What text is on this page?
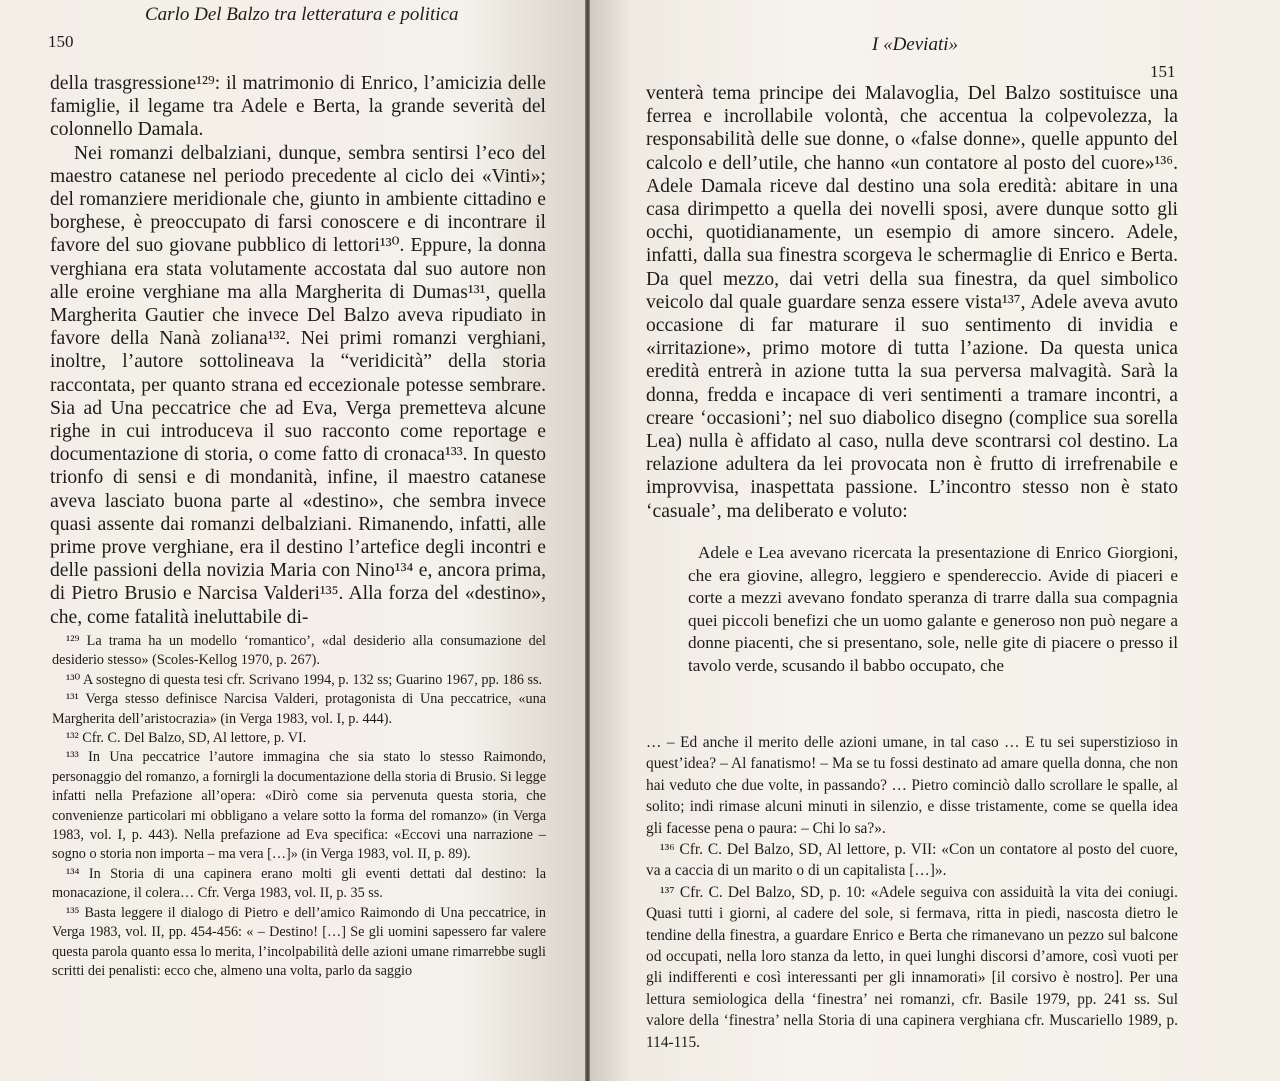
Carlo Del Balzo tra letteratura e politica
150

della trasgressione¹²⁹: il matrimonio di Enrico, l’amicizia delle famiglie, il legame tra Adele e Berta, la grande severità del colonnello Damala.

Nei romanzi delbalziani, dunque, sembra sentirsi l’eco del maestro catanese nel periodo precedente al ciclo dei «Vinti»; del romanziere meridionale che, giunto in ambiente cittadino e borghese, è preoccupato di farsi conoscere e di incontrare il favore del suo giovane pubblico di lettori¹³⁰. Eppure, la donna verghiana era stata volutamente accostata dal suo autore non alle eroine verghiane ma alla Margherita di Dumas¹³¹, quella Margherita Gautier che invece Del Balzo aveva ripudiato in favore della Nanà zoliana¹³². Nei primi romanzi verghiani, inoltre, l’autore sottolineava la “veridicità” della storia raccontata, per quanto strana ed eccezionale potesse sembrare. Sia ad Una peccatrice che ad Eva, Verga premetteva alcune righe in cui introduceva il suo racconto come reportage e documentazione di storia, o come fatto di cronaca¹³³. In questo trionfo di sensi e di mondanità, infine, il maestro catanese aveva lasciato buona parte al «destino», che sembra invece quasi assente dai romanzi delbalziani. Rimanendo, infatti, alle prime prove verghiane, era il destino l’artefice degli incontri e delle passioni della novizia Maria con Nino¹³⁴ e, ancora prima, di Pietro Brusio e Narcisa Valderi¹³⁵. Alla forza del «destino», che, come fatalità ineluttabile di-

¹²⁹ La trama ha un modello ‘romantico’, «dal desiderio alla consumazione del desiderio stesso» (Scoles-Kellog 1970, p. 267).

¹³⁰ A sostegno di questa tesi cfr. Scrivano 1994, p. 132 ss; Guarino 1967, pp. 186 ss.

¹³¹ Verga stesso definisce Narcisa Valderi, protagonista di Una peccatrice, «una Margherita dell’aristocrazia» (in Verga 1983, vol. I, p. 444).

¹³² Cfr. C. Del Balzo, SD, Al lettore, p. VI.

¹³³ In Una peccatrice l’autore immagina che sia stato lo stesso Raimondo, personaggio del romanzo, a fornirgli la documentazione della storia di Brusio. Si legge infatti nella Prefazione all’opera: «Dirò come sia pervenuta questa storia, che convenienze particolari mi obbligano a velare sotto la forma del romanzo» (in Verga 1983, vol. I, p. 443). Nella prefazione ad Eva specifica: «Eccovi una narrazione – sogno o storia non importa – ma vera […]» (in Verga 1983, vol. II, p. 89).

¹³⁴ In Storia di una capinera erano molti gli eventi dettati dal destino: la monacazione, il colera… Cfr. Verga 1983, vol. II, p. 35 ss.

¹³⁵ Basta leggere il dialogo di Pietro e dell’amico Raimondo di Una peccatrice, in Verga 1983, vol. II, pp. 454-456: « – Destino! […] Se gli uomini sapessero far valere questa parola quanto essa lo merita, l’incolpabilità delle azioni umane rimarrebbe sugli scritti dei penalisti: ecco che, almeno una volta, parlo da saggio

I «Deviati»
151

venterà tema principe dei Malavoglia, Del Balzo sostituisce una ferrea e incrollabile volontà, che accentua la colpevolezza, la responsabilità delle sue donne, o «false donne», quelle appunto del calcolo e dell’utile, che hanno «un contatore al posto del cuore»¹³⁶. Adele Damala riceve dal destino una sola eredità: abitare in una casa dirimpetto a quella dei novelli sposi, avere dunque sotto gli occhi, quotidianamente, un esempio di amore sincero. Adele, infatti, dalla sua finestra scorgeva le schermaglie di Enrico e Berta. Da quel mezzo, dai vetri della sua finestra, da quel simbolico veicolo dal quale guardare senza essere vista¹³⁷, Adele aveva avuto occasione di far maturare il suo sentimento di invidia e «irritazione», primo motore di tutta l’azione. Da questa unica eredità entrerà in azione tutta la sua perversa malvagità. Sarà la donna, fredda e incapace di veri sentimenti a tramare incontri, a creare ‘occasioni’; nel suo diabolico disegno (complice sua sorella Lea) nulla è affidato al caso, nulla deve scontrarsi col destino. La relazione adultera da lei provocata non è frutto di irrefrenabile e improvvisa, inaspettata passione. L’incontro stesso non è stato ‘casuale’, ma deliberato e voluto:

Adele e Lea avevano ricercata la presentazione di Enrico Giorgioni, che era giovine, allegro, leggiero e spendereccio. Avide di piaceri e corte a mezzi avevano fondato speranza di trarre dalla sua compagnia quei piccoli benefizi che un uomo galante e generoso non può negare a donne piacenti, che si presentano, sole, nelle gite di piacere o presso il tavolo verde, scusando il babbo occupato, che

… – Ed anche il merito delle azioni umane, in tal caso … E tu sei superstizioso in quest’idea? – Al fanatismo! – Ma se tu fossi destinato ad amare quella donna, che non hai veduto che due volte, in passando? … Pietro cominciò dallo scrollare le spalle, al solito; indi rimase alcuni minuti in silenzio, e disse tristamente, come se quella idea gli facesse pena o paura: – Chi lo sa?».

¹³⁶ Cfr. C. Del Balzo, SD, Al lettore, p. VII: «Con un contatore al posto del cuore, va a caccia di un marito o di un capitalista […]».

¹³⁷ Cfr. C. Del Balzo, SD, p. 10: «Adele seguiva con assiduità la vita dei coniugi. Quasi tutti i giorni, al cadere del sole, si fermava, ritta in piedi, nascosta dietro le tendine della finestra, a guardare Enrico e Berta che rimanevano un pezzo sul balcone od occupati, nella loro stanza da letto, in quei lunghi discorsi d’amore, così vuoti per gli indifferenti e così interessanti per gli innamorati» [il corsivo è nostro]. Per una lettura semiologica della ‘finestra’ nei romanzi, cfr. Basile 1979, pp. 241 ss. Sul valore della ‘finestra’ nella Storia di una capinera verghiana cfr. Muscariello 1989, p. 114-115.
